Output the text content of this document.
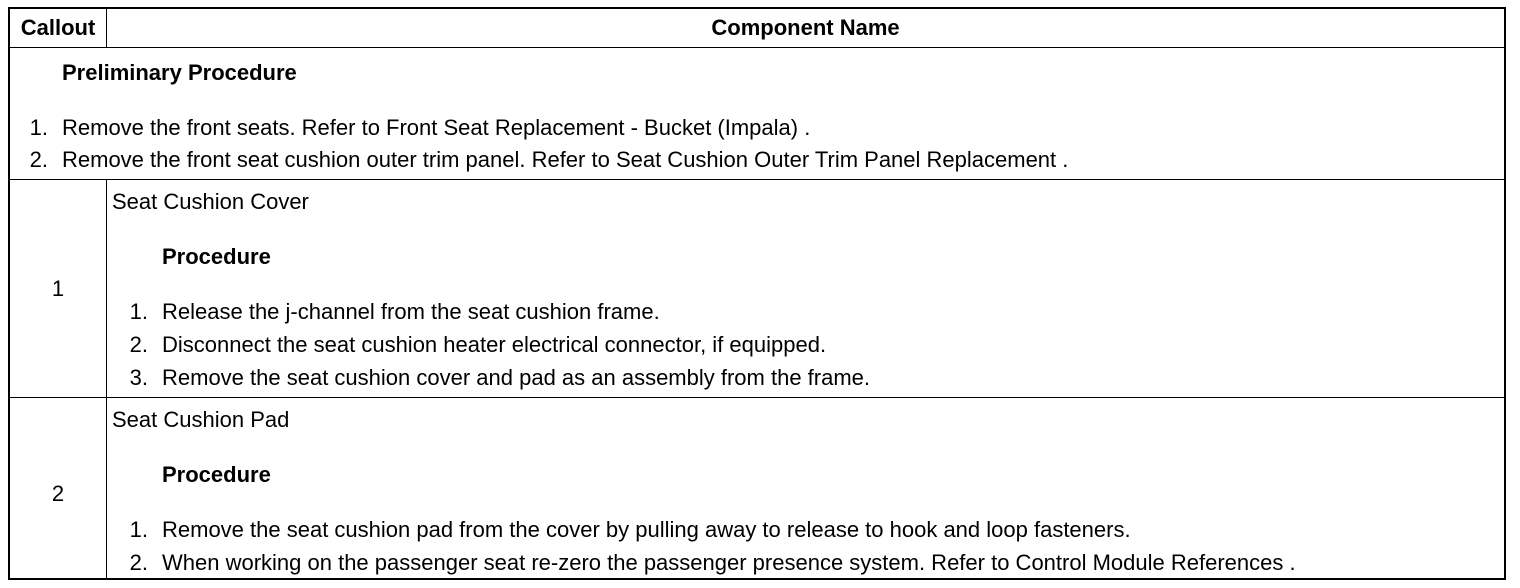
Callout	Component Name
Preliminary Procedure
1. Remove the front seats. Refer to Front Seat Replacement - Bucket (Impala) .
2. Remove the front seat cushion outer trim panel. Refer to Seat Cushion Outer Trim Panel Replacement .
1
Seat Cushion Cover
Procedure
1. Release the j-channel from the seat cushion frame.
2. Disconnect the seat cushion heater electrical connector, if equipped.
3. Remove the seat cushion cover and pad as an assembly from the frame.
2
Seat Cushion Pad
Procedure
1. Remove the seat cushion pad from the cover by pulling away to release to hook and loop fasteners.
2. When working on the passenger seat re-zero the passenger presence system. Refer to Control Module References .
